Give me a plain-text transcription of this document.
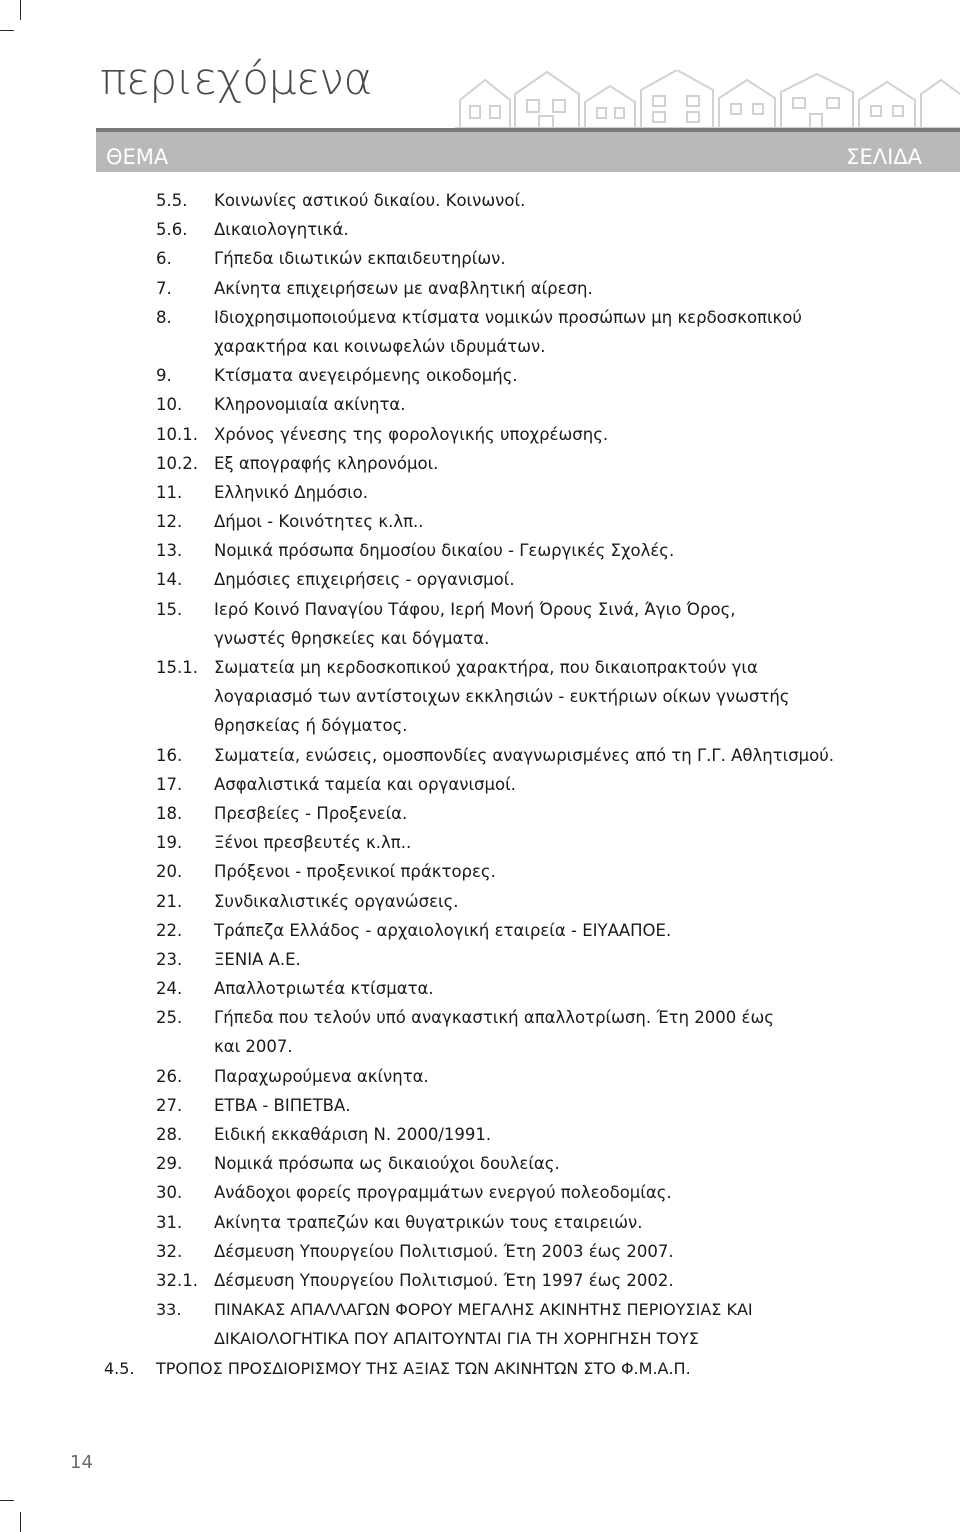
περιεχόμενα
ΘΕΜΑ	ΣΕΛΙΔΑ
5.5. Κοινωνίες αστικού δικαίου. Κοινωνοί.
5.6. Δικαιολογητικά.
6.	Γήπεδα ιδιωτικών εκπαιδευτηρίων.
7.	Ακίνητα επιχειρήσεων με αναβλητική αίρεση.
8.	Ιδιοχρησιμοποιούμενα κτίσματα νομικών προσώπων μη κερδοσκοπικού
χαρακτήρα και κοινωφελών ιδρυμάτων.
9.	Κτίσματα ανεγειρόμενης οικοδομής.
10. Κληρονομιαία ακίνητα.
10.1. Χρόνος γένεσης της φορολογικής υποχρέωσης.
10.2. Εξ απογραφής κληρονόμοι.
11. Ελληνικό Δημόσιο.
12. Δήμοι - Κοινότητες κ.λπ..
13. Νομικά πρόσωπα δημοσίου δικαίου - Γεωργικές Σχολές.
14. Δημόσιες επιχειρήσεις - οργανισμοί.
15. Ιερό Κοινό Παναγίου Τάφου, Ιερή Μονή Όρους Σινά, Άγιο Όρος,
γνωστές θρησκείες και δόγματα.
15.1. Σωματεία μη κερδοσκοπικού χαρακτήρα, που δικαιοπρακτούν για
λογαριασμό των αντίστοιχων εκκλησιών - ευκτήριων οίκων γνωστής
θρησκείας ή δόγματος.
16. Σωματεία, ενώσεις, ομοσπονδίες αναγνωρισμένες από τη Γ.Γ. Αθλητισμού.
17. Ασφαλιστικά ταμεία και οργανισμοί.
18. Πρεσβείες - Προξενεία.
19. Ξένοι πρεσβευτές κ.λπ..
20. Πρόξενοι - προξενικοί πράκτορες.
21. Συνδικαλιστικές οργανώσεις.
22. Τράπεζα Ελλάδος - αρχαιολογική εταιρεία - ΕΙΥΑΑΠΟΕ.
23. ΞΕΝΙΑ Α.Ε.
24. Απαλλοτριωτέα κτίσματα.
25. Γήπεδα που τελούν υπό αναγκαστική απαλλοτρίωση. Έτη 2000 έως
και 2007.
26. Παραχωρούμενα ακίνητα.
27. ΕΤΒΑ - ΒΙΠΕΤΒΑ.
28. Ειδική εκκαθάριση Ν. 2000/1991.
29. Νομικά πρόσωπα ως δικαιούχοι δουλείας.
30. Ανάδοχοι φορείς προγραμμάτων ενεργού πολεοδομίας.
31. Ακίνητα τραπεζών και θυγατρικών τους εταιρειών.
32. Δέσμευση Υπουργείου Πολιτισμού. Έτη 2003 έως 2007.
32.1. Δέσμευση Υπουργείου Πολιτισμού. Έτη 1997 έως 2002.
33. ΠΙΝΑΚΑΣ ΑΠΑΛΛΑΓΩΝ ΦΟΡΟΥ ΜΕΓΑΛΗΣ ΑΚΙΝΗΤΗΣ ΠΕΡΙΟΥΣΙΑΣ ΚΑΙ
ΔΙΚΑΙΟΛΟΓΗΤΙΚΑ ΠΟΥ ΑΠΑΙΤΟΥΝΤΑΙ ΓΙΑ ΤΗ ΧΟΡΗΓΗΣΗ ΤΟΥΣ
4.5. ΤΡΟΠΟΣ ΠΡΟΣΔΙΟΡΙΣΜΟΥ ΤΗΣ ΑΞΙΑΣ ΤΩΝ ΑΚΙΝΗΤΩΝ ΣΤΟ Φ.Μ.Α.Π.
14
